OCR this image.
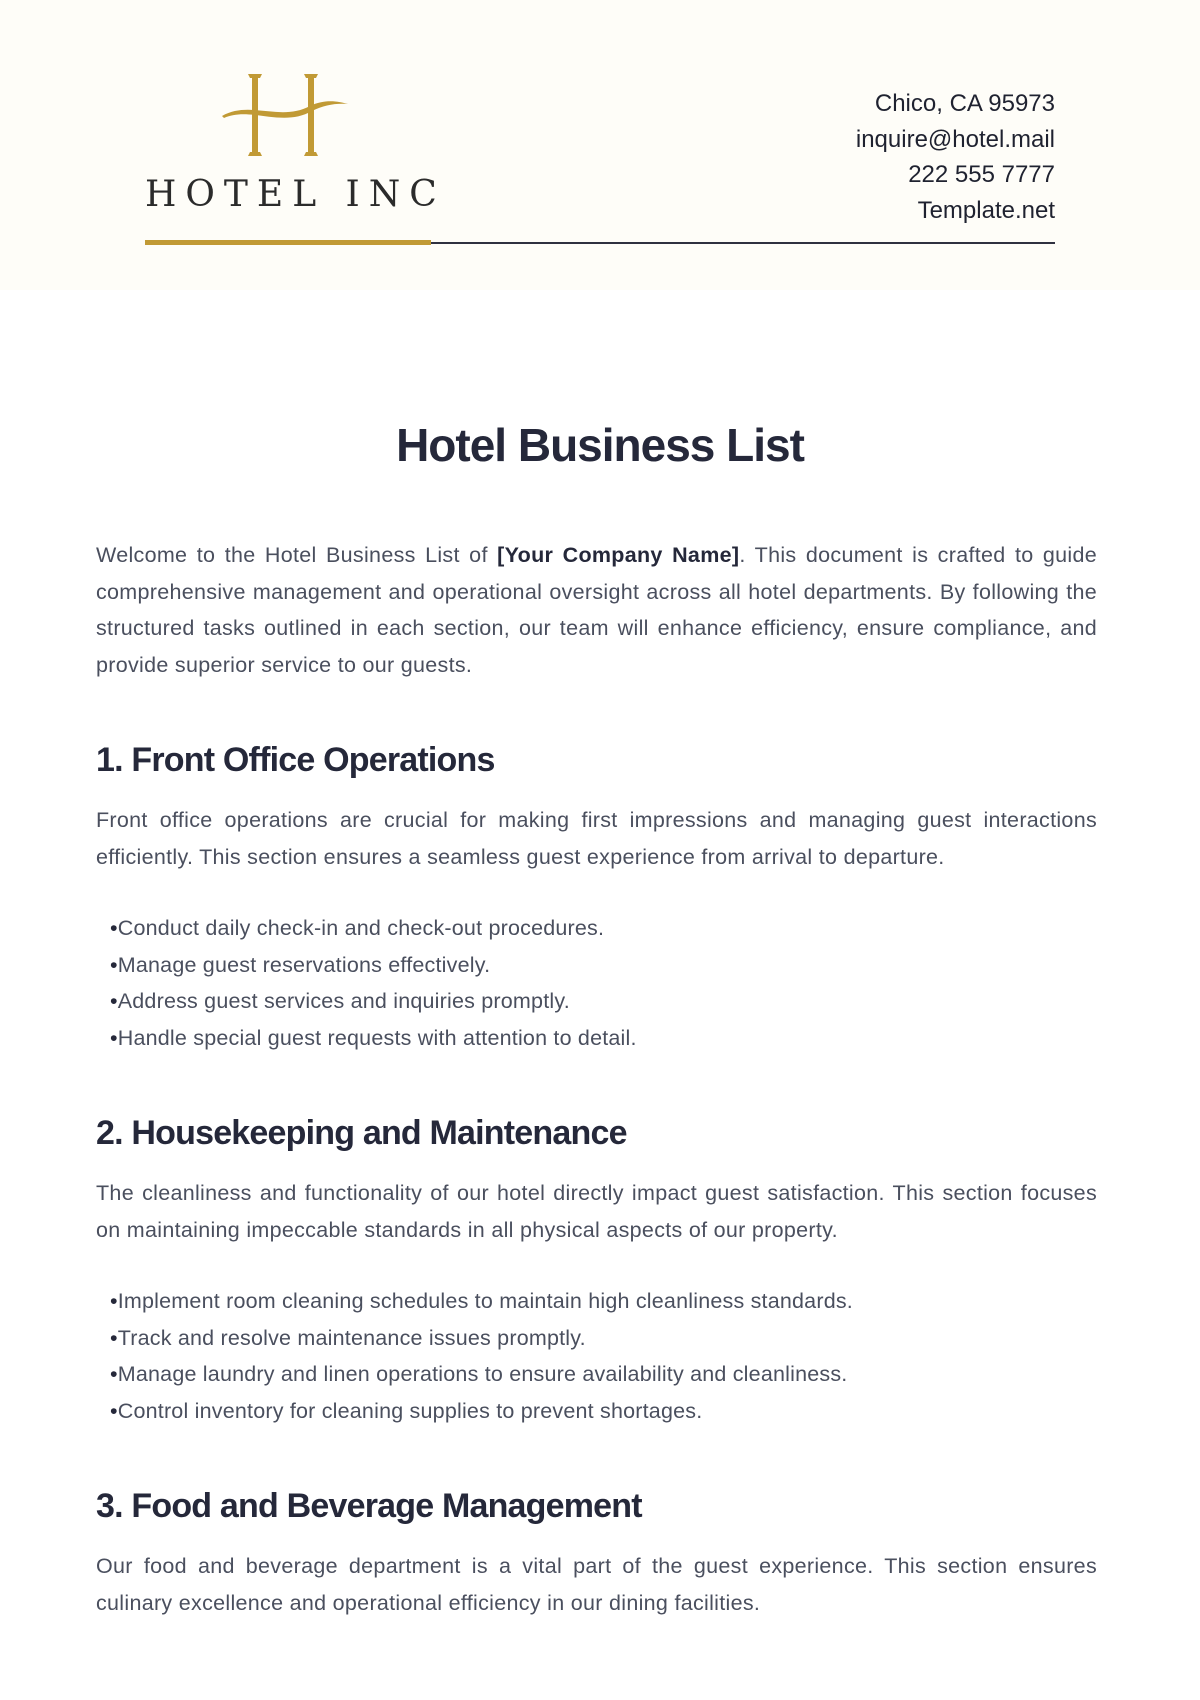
HOTEL INC
Chico, CA 95973
inquire@hotel.mail
222 555 7777
Template.net
Hotel Business List

Welcome to the Hotel Business List of [Your Company Name]. This document is crafted to guide comprehensive management and operational oversight across all hotel departments. By following the structured tasks outlined in each section, our team will enhance efficiency, ensure compliance, and provide superior service to our guests.

1. Front Office Operations

Front office operations are crucial for making first impressions and managing guest interactions efficiently. This section ensures a seamless guest experience from arrival to departure.

• Conduct daily check-in and check-out procedures.
• Manage guest reservations effectively.
• Address guest services and inquiries promptly.
• Handle special guest requests with attention to detail.
2. Housekeeping and Maintenance

The cleanliness and functionality of our hotel directly impact guest satisfaction. This section focuses on maintaining impeccable standards in all physical aspects of our property.

• Implement room cleaning schedules to maintain high cleanliness standards.
• Track and resolve maintenance issues promptly.
• Manage laundry and linen operations to ensure availability and cleanliness.
• Control inventory for cleaning supplies to prevent shortages.
3. Food and Beverage Management

Our food and beverage department is a vital part of the guest experience. This section ensures culinary excellence and operational efficiency in our dining facilities.
